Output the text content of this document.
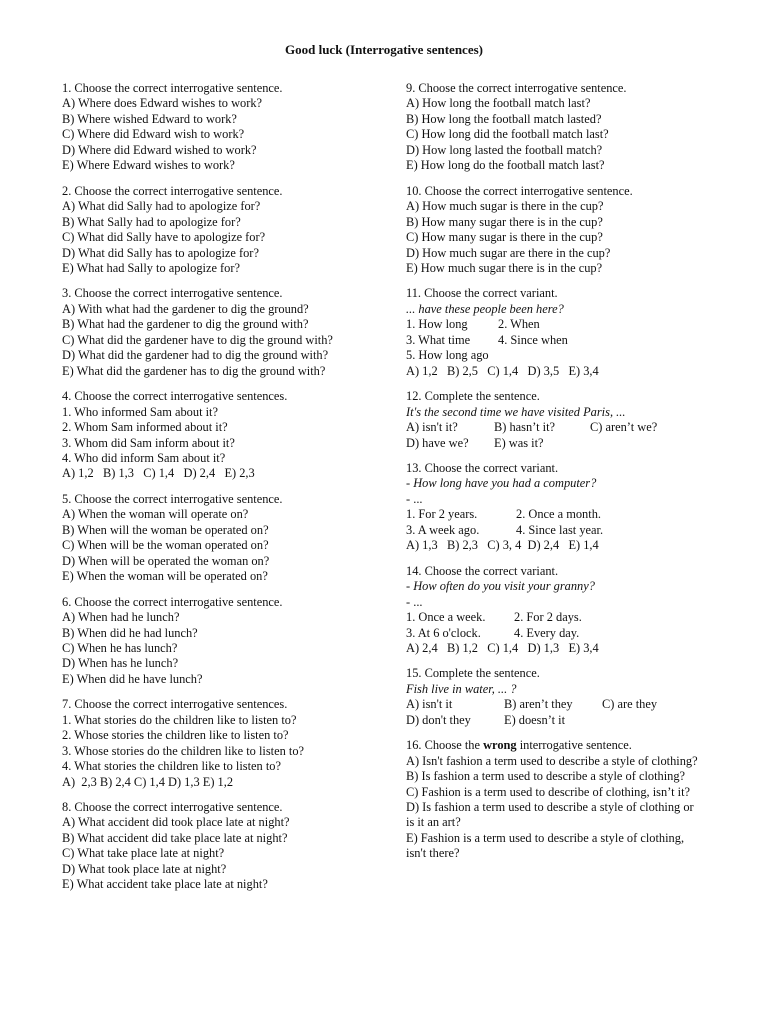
Good luck (Interrogative sentences)
1. Choose the correct interrogative sentence.
A) Where does Edward wishes to work?
B) Where wished Edward to work?
C) Where did Edward wish to work?
D) Where did Edward wished to work?
E) Where Edward wishes to work?
2. Choose the correct interrogative sentence.
A) What did Sally had to apologize for?
B) What Sally had to apologize for?
C) What did Sally have to apologize for?
D) What did Sally has to apologize for?
E) What had Sally to apologize for?
3. Choose the correct interrogative sentence.
A) With what had the gardener to dig the ground?
B) What had the gardener to dig the ground with?
C) What did the gardener have to dig the ground with?
D) What did the gardener had to dig the ground with?
E) What did the gardener has to dig the ground with?
4. Choose the correct interrogative sentences.
1. Who informed Sam about it?
2. Whom Sam informed about it?
3. Whom did Sam inform about it?
4. Who did inform Sam about it?
A) 1,2   B) 1,3   C) 1,4   D) 2,4   E) 2,3
5. Choose the correct interrogative sentence.
A) When the woman will operate on?
B) When will the woman be operated on?
C) When will be the woman operated on?
D) When will be operated the woman on?
E) When the woman will be operated on?
6. Choose the correct interrogative sentence.
A) When had he lunch?
B) When did he had lunch?
C) When he has lunch?
D) When has he lunch?
E) When did he have lunch?
7. Choose the correct interrogative sentences.
1. What stories do the children like to listen to?
2. Whose stories the children like to listen to?
3. Whose stories do the children like to listen to?
4. What stories the children like to listen to?
A)  2,3 B) 2,4 C) 1,4 D) 1,3 E) 1,2
8. Choose the correct interrogative sentence.
A) What accident did took place late at night?
B) What accident did take place late at night?
C) What take place late at night?
D) What took place late at night?
E) What accident take place late at night?
9. Choose the correct interrogative sentence.
A) How long the football match last?
B) How long the football match lasted?
C) How long did the football match last?
D) How long lasted the football match?
E) How long do the football match last?
10. Choose the correct interrogative sentence.
A) How much sugar is there in the cup?
B) How many sugar there is in the cup?
C) How many sugar is there in the cup?
D) How much sugar are there in the cup?
E) How much sugar there is in the cup?
11. Choose the correct variant.
... have these people been here?
1. How long 2. When
3. What time 4. Since when
5. How long ago
A) 1,2   B) 2,5   C) 1,4   D) 3,5   E) 3,4
12. Complete the sentence.
It's the second time we have visited Paris, ...
A) isn't it?	B) hasn’t it?	C) aren’t we?
D) have we? E) was it?
13. Choose the correct variant.
- How long have you had a computer?
- ...
1. For 2 years.	2. Once a month.
3. A week ago.	4. Since last year.
A) 1,3   B) 2,3   C) 3, 4  D) 2,4   E) 1,4
14. Choose the correct variant.
- How often do you visit your granny?
- ...
1. Once a week. 2. For 2 days.
3. At 6 o'clock.	4. Every day.
A) 2,4   B) 1,2   C) 1,4   D) 1,3   E) 3,4
15. Complete the sentence.
Fish live in water, ... ?
A) isn't it	B) aren’t they C) are they
D) don't they	E) doesn’t it
16. Choose the wrong interrogative sentence.
A) Isn't fashion a term used to describe a style of clothing?
B) Is fashion a term used to describe a style of clothing?
C) Fashion is a term used to describe of clothing, isn’t it?
D) Is fashion a term used to describe a style of clothing or is it an art?
E) Fashion is a term used to describe a style of clothing, isn't there?
